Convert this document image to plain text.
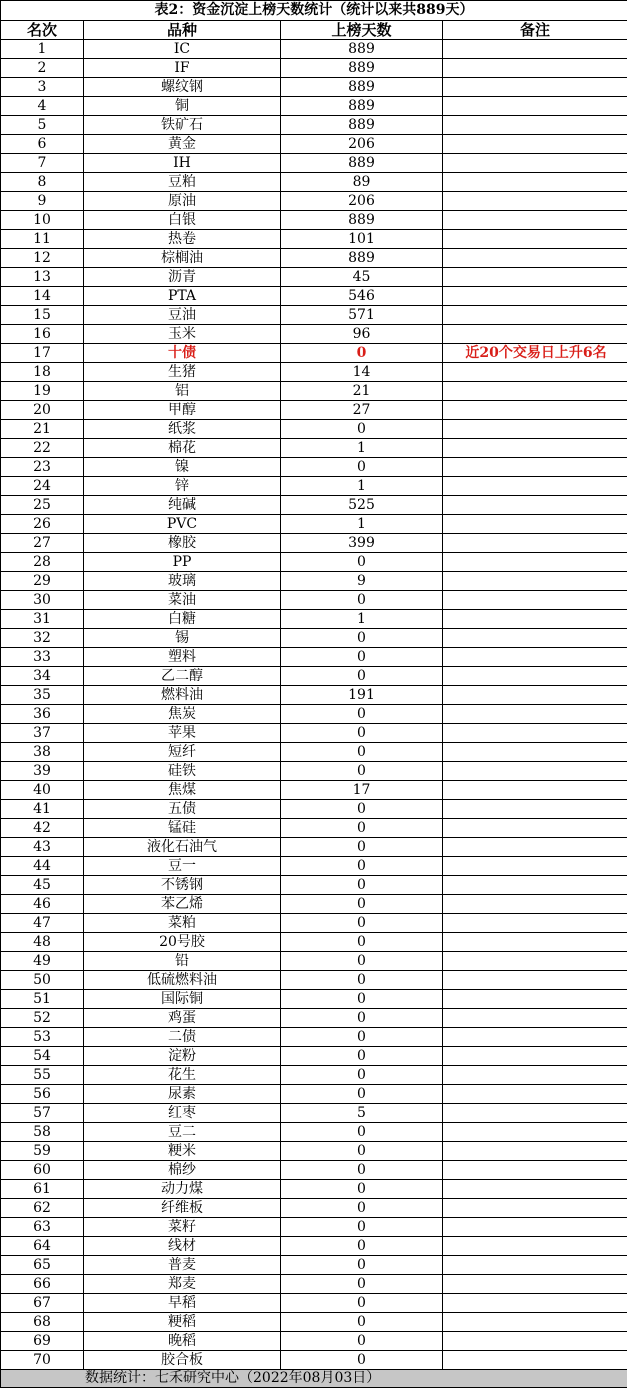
表2：资金沉淀上榜天数统计（统计以来共889天）			
名次	品种	上榜天数	备注
1	IC	889	
2	IF	889	
3	螺纹钢	889	
4	铜	889	
5	铁矿石	889	
6	黄金	206	
7	IH	889	
8	豆粕	89	
9	原油	206	
10	白银	889	
11	热卷	101	
12	棕榈油	889	
13	沥青	45	
14	PTA	546	
15	豆油	571	
16	玉米	96	
17	十债	0	近20个交易日上升6名
18	生猪	14	
19	铝	21	
20	甲醇	27	
21	纸浆	0	
22	棉花	1	
23	镍	0	
24	锌	1	
25	纯碱	525	
26	PVC	1	
27	橡胶	399	
28	PP	0	
29	玻璃	9	
30	菜油	0	
31	白糖	1	
32	锡	0	
33	塑料	0	
34	乙二醇	0	
35	燃料油	191	
36	焦炭	0	
37	苹果	0	
38	短纤	0	
39	硅铁	0	
40	焦煤	17	
41	五债	0	
42	锰硅	0	
43	液化石油气	0	
44	豆一	0	
45	不锈钢	0	
46	苯乙烯	0	
47	菜粕	0	
48	20号胶	0	
49	铅	0	
50	低硫燃料油	0	
51	国际铜	0	
52	鸡蛋	0	
53	二债	0	
54	淀粉	0	
55	花生	0	
56	尿素	0	
57	红枣	5	
58	豆二	0	
59	粳米	0	
60	棉纱	0	
61	动力煤	0	
62	纤维板	0	
63	菜籽	0	
64	线材	0	
65	普麦	0	
66	郑麦	0	
67	早稻	0	
68	粳稻	0	
69	晚稻	0	
70	胶合板	0	
数据统计：七禾研究中心（2022年08月03日）			
